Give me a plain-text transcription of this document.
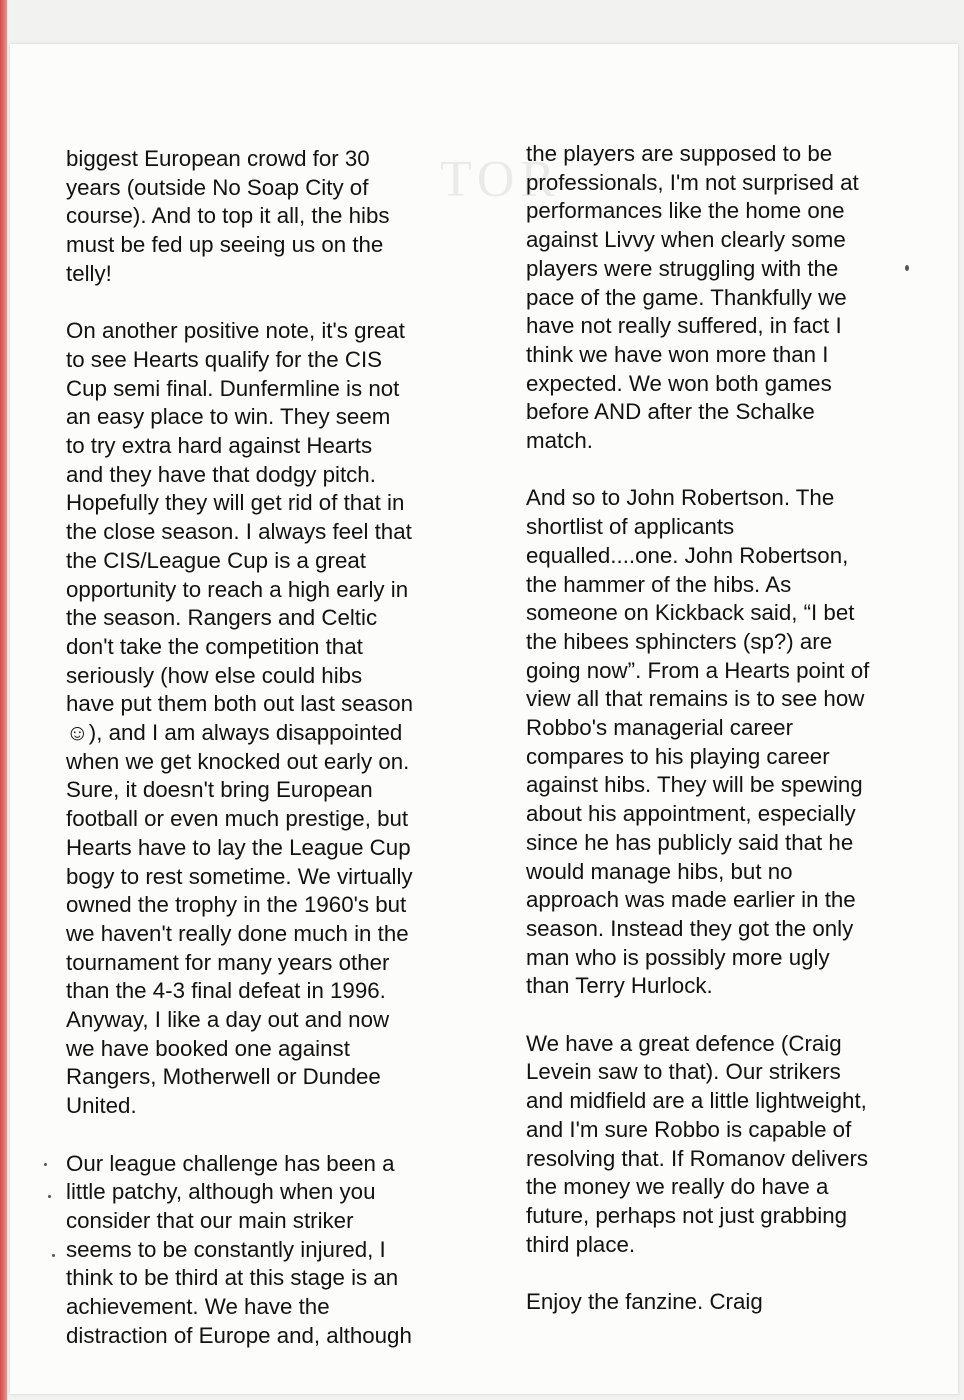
biggest European crowd for 30
years (outside No Soap City of
course). And to top it all, the hibs
must be fed up seeing us on the
telly!

On another positive note, it's great
to see Hearts qualify for the CIS
Cup semi final. Dunfermline is not
an easy place to win. They seem
to try extra hard against Hearts
and they have that dodgy pitch.
Hopefully they will get rid of that in
the close season. I always feel that
the CIS/League Cup is a great
opportunity to reach a high early in
the season. Rangers and Celtic
don't take the competition that
seriously (how else could hibs
have put them both out last season
☺), and I am always disappointed
when we get knocked out early on.
Sure, it doesn't bring European
football or even much prestige, but
Hearts have to lay the League Cup
bogy to rest sometime. We virtually
owned the trophy in the 1960's but
we haven't really done much in the
tournament for many years other
than the 4-3 final defeat in 1996.
Anyway, I like a day out and now
we have booked one against
Rangers, Motherwell or Dundee
United.

Our league challenge has been a
little patchy, although when you
consider that our main striker
seems to be constantly injured, I
think to be third at this stage is an
achievement. We have the
distraction of Europe and, although

the players are supposed to be
professionals, I'm not surprised at
performances like the home one
against Livvy when clearly some
players were struggling with the
pace of the game. Thankfully we
have not really suffered, in fact I
think we have won more than I
expected. We won both games
before AND after the Schalke
match.

And so to John Robertson. The
shortlist of applicants
equalled....one. John Robertson,
the hammer of the hibs. As
someone on Kickback said, “I bet
the hibees sphincters (sp?) are
going now”. From a Hearts point of
view all that remains is to see how
Robbo's managerial career
compares to his playing career
against hibs. They will be spewing
about his appointment, especially
since he has publicly said that he
would manage hibs, but no
approach was made earlier in the
season. Instead they got the only
man who is possibly more ugly
than Terry Hurlock.

We have a great defence (Craig
Levein saw to that). Our strikers
and midfield are a little lightweight,
and I'm sure Robbo is capable of
resolving that. If Romanov delivers
the money we really do have a
future, perhaps not just grabbing
third place.

Enjoy the fanzine. Craig
